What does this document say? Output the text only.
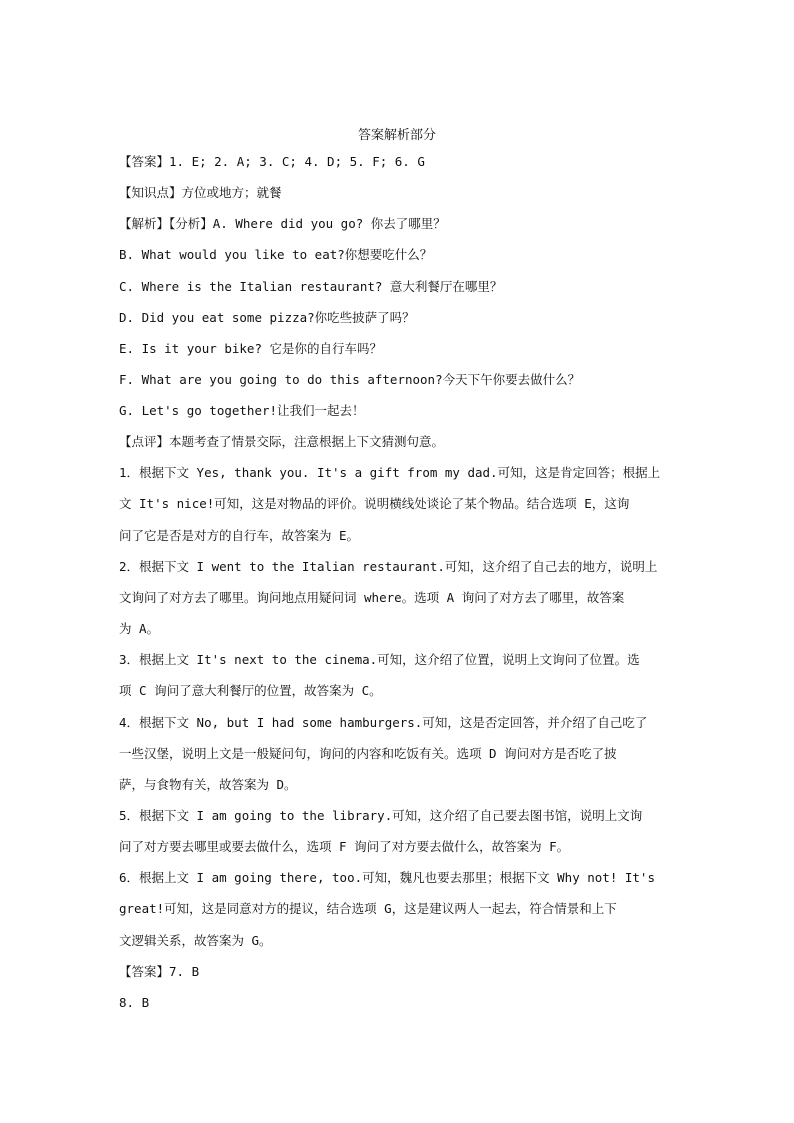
答案解析部分
【答案】1. E; 2. A; 3. C; 4. D; 5. F; 6. G
【知识点】方位或地方；就餐
【解析】【分析】A. Where did you go? 你去了哪里？
B. What would you like to eat?你想要吃什么？
C. Where is the Italian restaurant? 意大利餐厅在哪里？
D. Did you eat some pizza?你吃些披萨了吗？
E. Is it your bike? 它是你的自行车吗？
F. What are you going to do this afternoon?今天下午你要去做什么？
G. Let's go together!让我们一起去！
【点评】本题考查了情景交际，注意根据上下文猜测句意。
1．根据下文 Yes, thank you. It's a gift from my dad.可知，这是肯定回答；根据上
文 It's nice!可知，这是对物品的评价。说明横线处谈论了某个物品。结合选项 E，这询
问了它是否是对方的自行车，故答案为 E。
2．根据下文 I went to the Italian restaurant.可知，这介绍了自己去的地方，说明上
文询问了对方去了哪里。询问地点用疑问词 where。选项 A 询问了对方去了哪里，故答案
为 A。
3．根据上文 It's next to the cinema.可知，这介绍了位置，说明上文询问了位置。选
项 C 询问了意大利餐厅的位置，故答案为 C。
4．根据下文 No, but I had some hamburgers.可知，这是否定回答，并介绍了自己吃了
一些汉堡，说明上文是一般疑问句，询问的内容和吃饭有关。选项 D 询问对方是否吃了披
萨，与食物有关，故答案为 D。
5．根据下文 I am going to the library.可知，这介绍了自己要去图书馆，说明上文询
问了对方要去哪里或要去做什么，选项 F 询问了对方要去做什么，故答案为 F。
6．根据上文 I am going there, too.可知，魏凡也要去那里；根据下文 Why not! It's
great!可知，这是同意对方的提议，结合选项 G，这是建议两人一起去，符合情景和上下
文逻辑关系，故答案为 G。
【答案】7. B
8. B
